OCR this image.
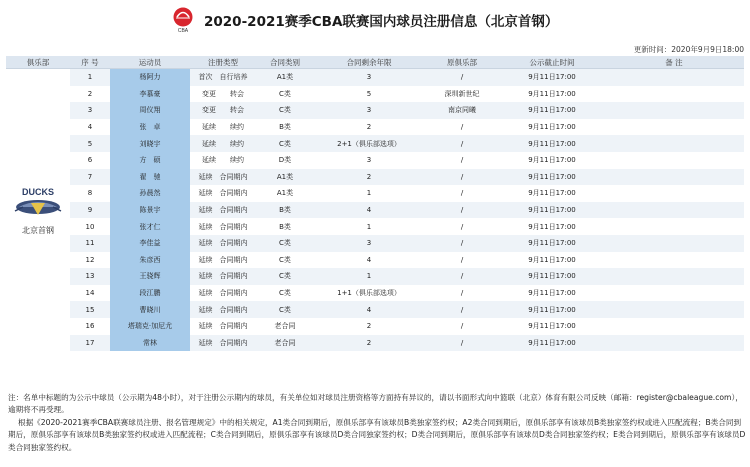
CBA
2020-2021赛季CBA联赛国内球员注册信息（北京首钢）
更新时间：2020年9月9日18:00
俱乐部	序 号	运动员	注册类型	合同类别	合同剩余年限	原俱乐部	公示截止时间	备 注

DUCKS
北京首钢	1	杨阿力	首次　自行培养	A1类	3	/	9月11日17:00	
	2	李慕豪	变更　　转会	C类	5	深圳新世纪	9月11日17:00	
	3	周仪翔	变更　　转会	C类	3	南京同曦	9月11日17:00	
	4	张　卓	延续　　续约	B类	2	/	9月11日17:00	
	5	刘晓宇	延续　　续约	C类	2+1（俱乐部选项）	/	9月11日17:00	
	6	方　硕	延续　　续约	D类	3	/	9月11日17:00	
	7	翟　驰	延续　合同期内	A1类	2	/	9月11日17:00	
	8	孙晨然	延续　合同期内	A1类	1	/	9月11日17:00	
	9	陈景宇	延续　合同期内	B类	4	/	9月11日17:00	
	10	张才仁	延续　合同期内	B类	1	/	9月11日17:00	
	11	李佳益	延续　合同期内	C类	3	/	9月11日17:00	
	12	朱彦西	延续　合同期内	C类	4	/	9月11日17:00	
	13	王骁辉	延续　合同期内	C类	1	/	9月11日17:00	
	14	段江鹏	延续　合同期内	C类	1+1（俱乐部选项）	/	9月11日17:00	
	15	曹晓川	延续　合同期内	C类	4	/	9月11日17:00	
	16	塔瑞克·加尼尤	延续　合同期内	老合同	2	/	9月11日17:00	
	17	常林	延续　合同期内	老合同	2	/	9月11日17:00	

注：名单中标题的为公示中球员（公示期为48小时），对于注册公示期内的球员，有关单位如对球员注册资格等方面持有异议的，请以书面形式向中篮联（北京）体育有限公司反映（邮箱：register@cbaleague.com），逾期将不再受理。

根据《2020-2021赛季CBA联赛球员注册、报名管理规定》中的相关规定，A1类合同到期后，原俱乐部享有该球员B类独家签约权；A2类合同到期后，原俱乐部享有该球员B类独家签约权或进入匹配流程；B类合同到期后，原俱乐部享有该球员B类独家签约权或进入匹配流程；C类合同到期后，原俱乐部享有该球员D类合同独家签约权；D类合同到期后，原俱乐部享有该球员D类合同独家签约权；E类合同到期后，原俱乐部享有该球员D类合同独家签约权。
